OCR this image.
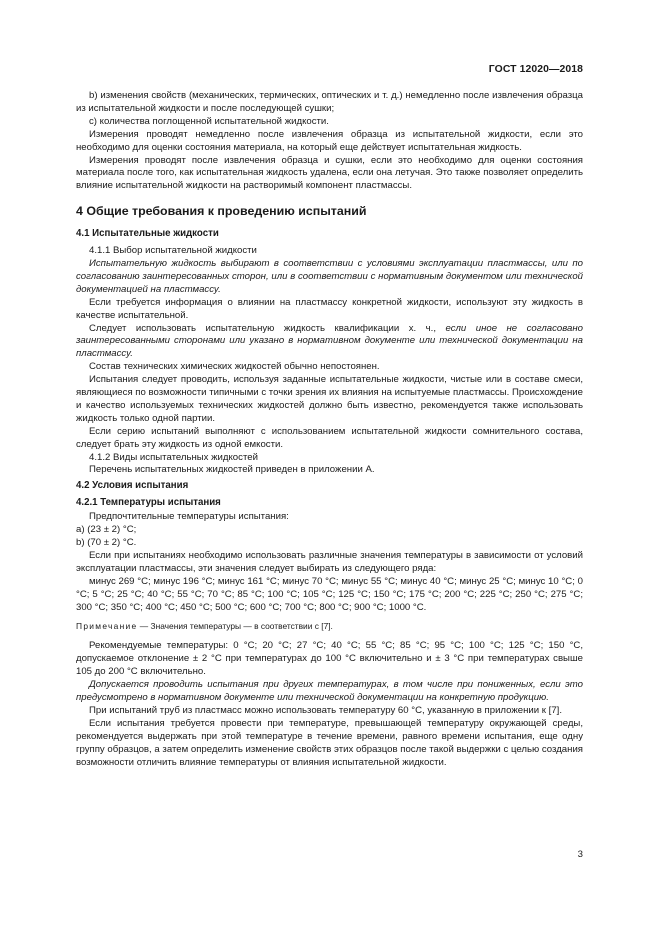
ГОСТ 12020—2018

b) изменения свойств (механических, термических, оптических и т. д.) немедленно после извлечения образца из испытательной жидкости и после последующей сушки;

c) количества поглощенной испытательной жидкости.

Измерения проводят немедленно после извлечения образца из испытательной жидкости, если это необходимо для оценки состояния материала, на который еще действует испытательная жидкость.

Измерения проводят после извлечения образца и сушки, если это необходимо для оценки состояния материала после того, как испытательная жидкость удалена, если она летучая. Это также позволяет определить влияние испытательной жидкости на растворимый компонент пластмассы.

4 Общие требования к проведению испытаний
4.1 Испытательные жидкости

4.1.1 Выбор испытательной жидкости

Испытательную жидкость выбирают в соответствии с условиями эксплуатации пластмассы, или по согласованию заинтересованных сторон, или в соответствии с нормативным документом или технической документацией на пластмассу.

Если требуется информация о влиянии на пластмассу конкретной жидкости, используют эту жидкость в качестве испытательной.

Следует использовать испытательную жидкость квалификации х. ч., если иное не согласовано заинтересованными сторонами или указано в нормативном документе или технической документации на пластмассу.

Состав технических химических жидкостей обычно непостоянен.

Испытания следует проводить, используя заданные испытательные жидкости, чистые или в составе смеси, являющиеся по возможности типичными с точки зрения их влияния на испытуемые пластмассы. Происхождение и качество используемых технических жидкостей должно быть известно, рекомендуется также использовать жидкость только одной партии.

Если серию испытаний выполняют с использованием испытательной жидкости сомнительного состава, следует брать эту жидкость из одной емкости.

4.1.2 Виды испытательных жидкостей

Перечень испытательных жидкостей приведен в приложении А.

4.2 Условия испытания

4.2.1 Температуры испытания

Предпочтительные температуры испытания:

a) (23 ± 2) °С;

b) (70 ± 2) °С.

Если при испытаниях необходимо использовать различные значения температуры в зависимости от условий эксплуатации пластмассы, эти значения следует выбирать из следующего ряда:

минус 269 °С; минус 196 °С; минус 161 °С; минус 70 °С; минус 55 °С; минус 40 °С; минус 25 °С; минус 10 °С; 0 °С; 5 °С; 25 °С; 40 °С; 55 °С; 70 °С; 85 °С; 100 °С; 105 °С; 125 °С; 150 °С; 175 °С; 200 °С; 225 °С; 250 °С; 275 °С; 300 °С; 350 °С; 400 °С; 450 °С; 500 °С; 600 °С; 700 °С; 800 °С; 900 °С; 1000 °С.

Примечание — Значения температуры — в соответствии с [7].

Рекомендуемые температуры: 0 °С; 20 °С; 27 °С; 40 °С; 55 °С; 85 °С; 95 °С; 100 °С; 125 °С; 150 °С, допускаемое отклонение ± 2 °С при температурах до 100 °С включительно и ± 3 °С при температурах свыше 105 до 200 °С включительно.

Допускается проводить испытания при других температурах, в том числе при пониженных, если это предусмотрено в нормативном документе или технической документации на конкретную продукцию.

При испытаний труб из пластмасс можно использовать температуру 60 °С, указанную в приложении к [7].

Если испытания требуется провести при температуре, превышающей температуру окружающей среды, рекомендуется выдержать при этой температуре в течение времени, равного времени испытания, еще одну группу образцов, а затем определить изменение свойств этих образцов после такой выдержки с целью создания возможности отличить влияние температуры от влияния испытательной жидкости.

3
